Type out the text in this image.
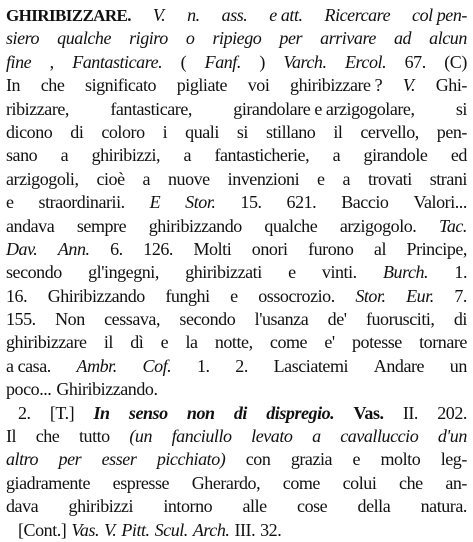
GHIRIBIZZARE. V. n. ass. e att. Ricercare col pen-
siero qualche rigiro o ripiego per arrivare ad alcun
fine , Fantasticare. ( Fanf. ) Varch. Ercol. 67. (C)
In che significato pigliate voi ghiribizzare ? V. Ghi-
ribizzare, fantasticare, girandolare e arzigogolare, si
dicono di coloro i quali si stillano il cervello, pen-
sano a ghiribizzi, a fantasticherie, a girandole ed
arzigogoli, cioè a nuove invenzioni e a trovati strani
e straordinarii. E Stor. 15. 621. Baccio Valori...
andava sempre ghiribizzando qualche arzigogolo. Tac.
Dav. Ann. 6. 126. Molti onori furono al Principe,
secondo gl'ingegni, ghiribizzati e vinti. Burch. 1.
16. Ghiribizzando funghi e ossocrozio. Stor. Eur. 7.
155. Non cessava, secondo l'usanza de' fuorusciti, di
ghiribizzare il dì e la notte, come e' potesse tornare
a casa. Ambr. Cof. 1. 2. Lasciatemi Andare un
poco... Ghiribizzando.
2. [T.] In senso non di dispregio. Vas. II. 202.
Il che tutto (un fanciullo levato a cavalluccio d'un
altro per esser picchiato) con grazia e molto leg-
giadramente espresse Gherardo, come colui che an-
dava ghiribizzi intorno alle cose della natura.
[Cont.] Vas. V. Pitt. Scul. Arch. III. 32.
